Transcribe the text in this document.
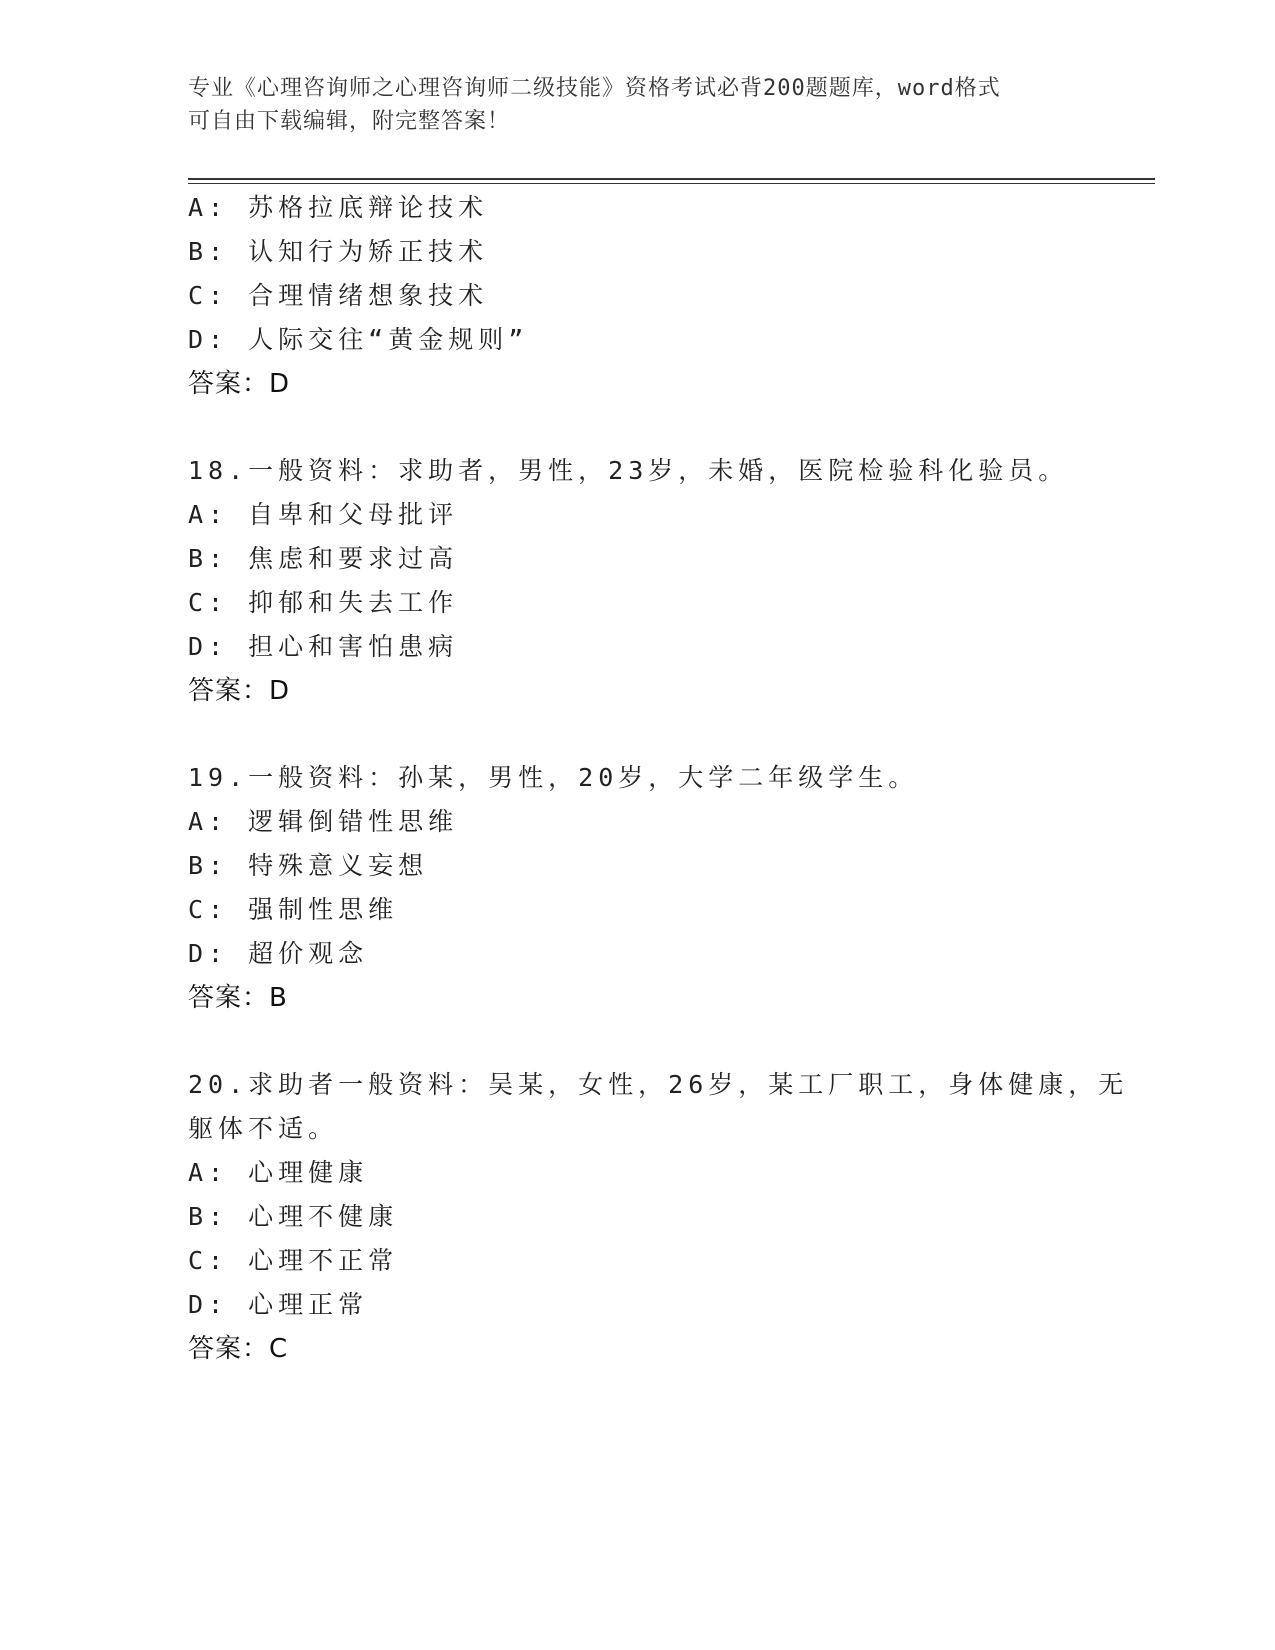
专业《心理咨询师之心理咨询师二级技能》资格考试必背200题题库，word格式
可自由下载编辑，附完整答案！
A: 苏格拉底辩论技术
B: 认知行为矫正技术
C: 合理情绪想象技术
D: 人际交往“黄金规则”
答案：D
18.一般资料：求助者，男性，23岁，未婚，医院检验科化验员。
A: 自卑和父母批评
B: 焦虑和要求过高
C: 抑郁和失去工作
D: 担心和害怕患病
答案：D
19.一般资料：孙某，男性，20岁，大学二年级学生。
A: 逻辑倒错性思维
B: 特殊意义妄想
C: 强制性思维
D: 超价观念
答案：B
20.求助者一般资料：吴某，女性，26岁，某工厂职工，身体健康，无
躯体不适。
A: 心理健康
B: 心理不健康
C: 心理不正常
D: 心理正常
答案：C
